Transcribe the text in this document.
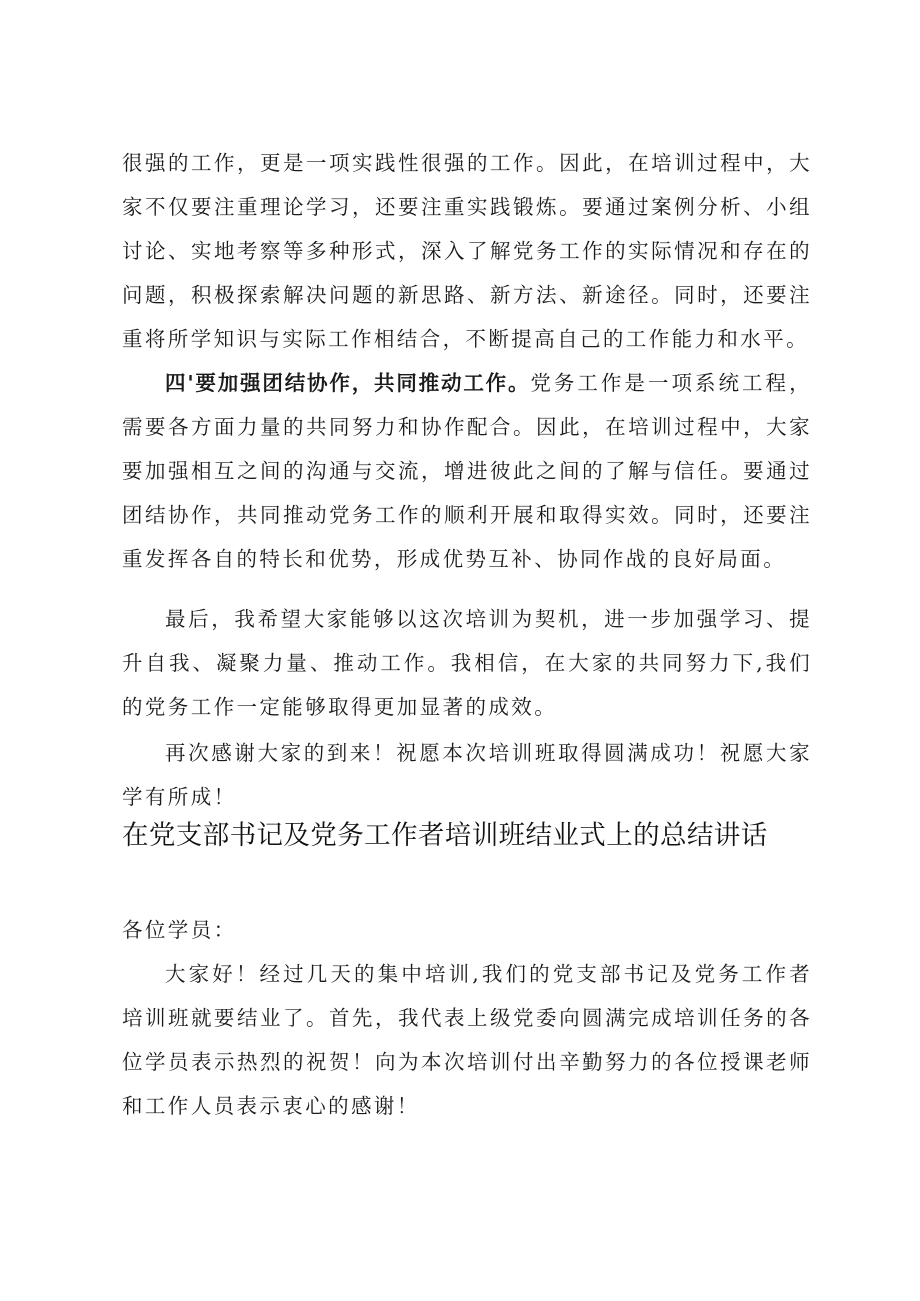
很强的工作，更是一项实践性很强的工作。因此，在培训过程中，大家不仅要注重理论学习，还要注重实践锻炼。要通过案例分析、小组讨论、实地考察等多种形式，深入了解党务工作的实际情况和存在的问题，积极探索解决问题的新思路、新方法、新途径。同时，还要注重将所学知识与实际工作相结合，不断提高自己的工作能力和水平。

四'要加强团结协作，共同推动工作。党务工作是一项系统工程，需要各方面力量的共同努力和协作配合。因此，在培训过程中，大家要加强相互之间的沟通与交流，增进彼此之间的了解与信任。要通过团结协作，共同推动党务工作的顺利开展和取得实效。同时，还要注重发挥各自的特长和优势，形成优势互补、协同作战的良好局面。

最后，我希望大家能够以这次培训为契机，进一步加强学习、提升自我、凝聚力量、推动工作。我相信，在大家的共同努力下,我们的党务工作一定能够取得更加显著的成效。

再次感谢大家的到来！祝愿本次培训班取得圆满成功！祝愿大家学有所成！

在党支部书记及党务工作者培训班结业式上的总结讲话

各位学员：

大家好！经过几天的集中培训,我们的党支部书记及党务工作者培训班就要结业了。首先，我代表上级党委向圆满完成培训任务的各位学员表示热烈的祝贺！向为本次培训付出辛勤努力的各位授课老师和工作人员表示衷心的感谢！
